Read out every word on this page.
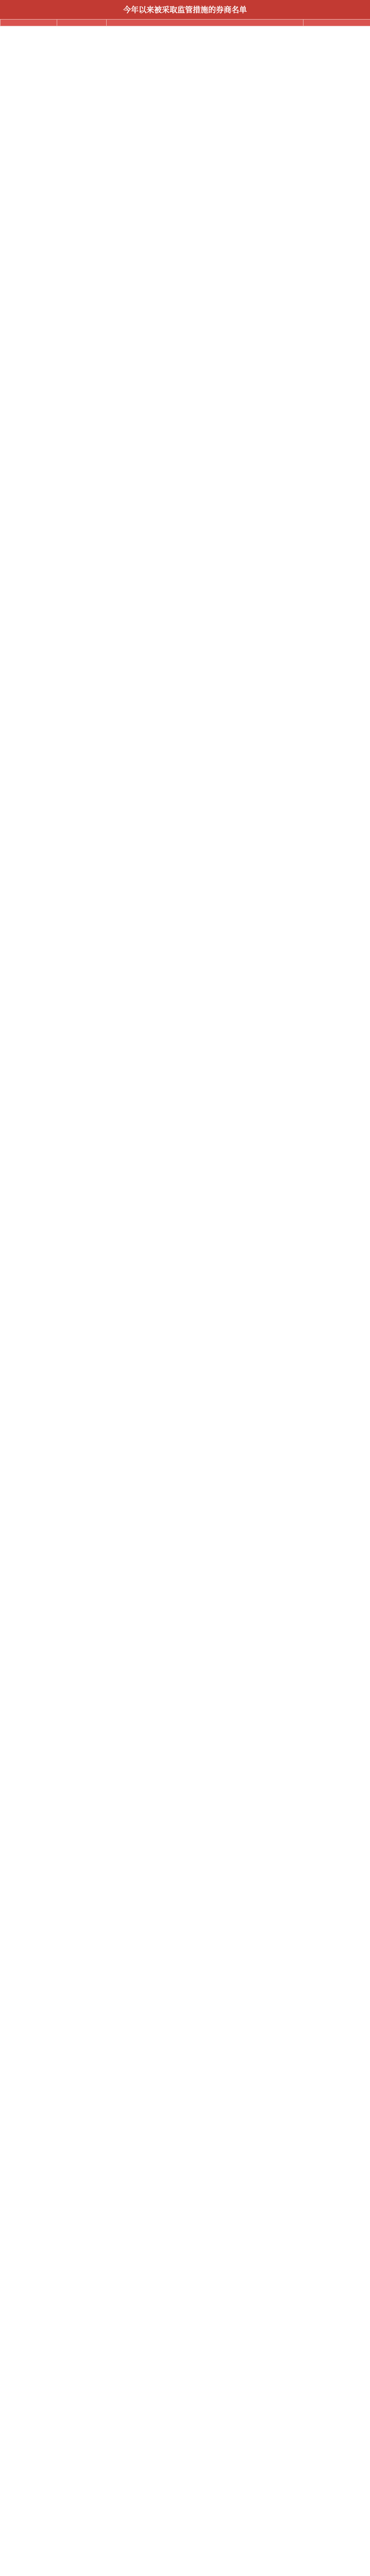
今年以来被采取监管措施的券商名单
